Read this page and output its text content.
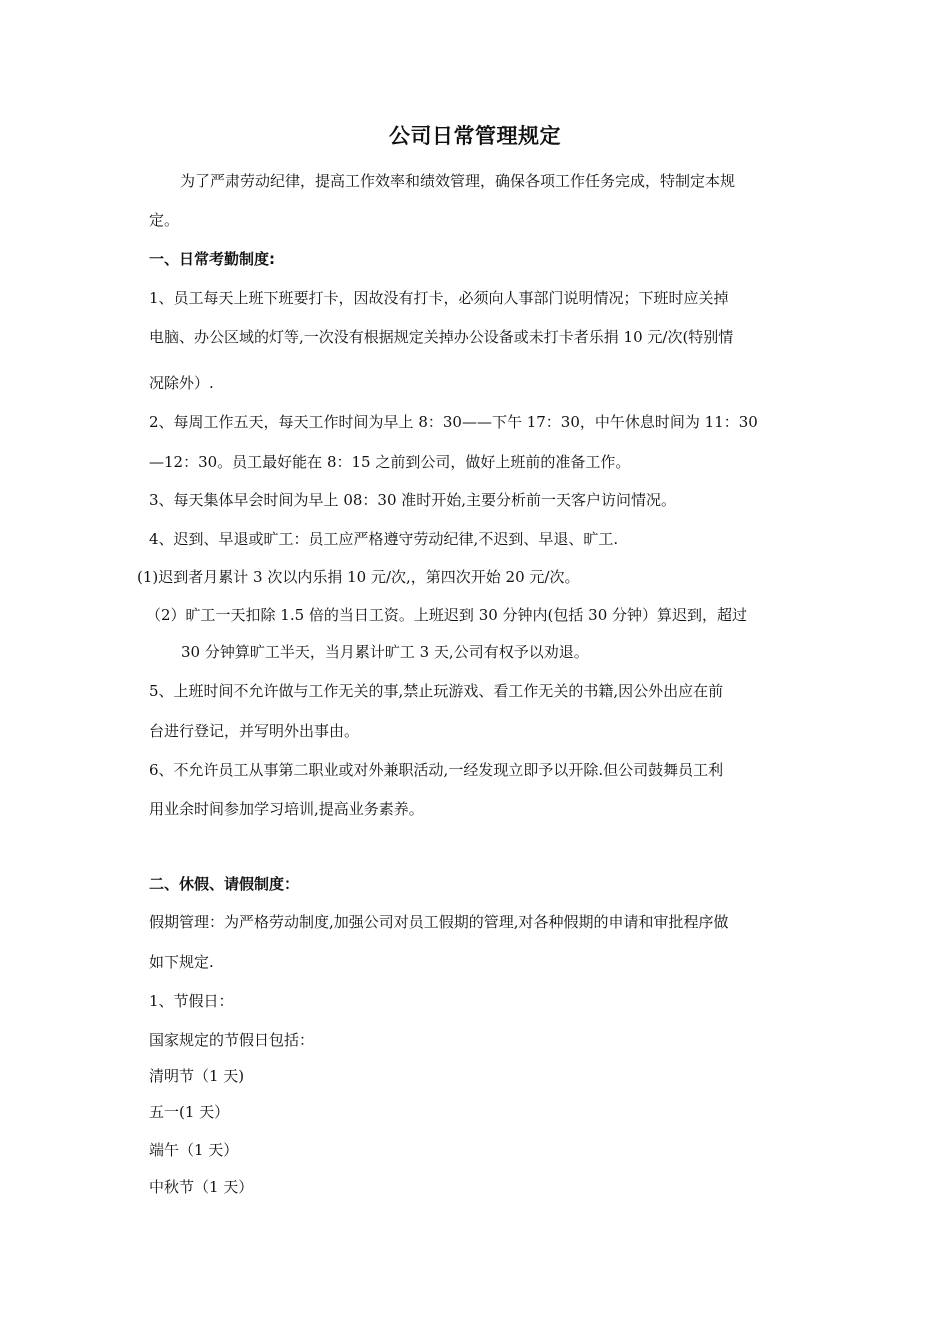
公司日常管理规定
为了严肃劳动纪律，提高工作效率和绩效管理，确保各项工作任务完成，特制定本规
定。
一、日常考勤制度:
1、员工每天上班下班要打卡，因故没有打卡，必须向人事部门说明情况；下班时应关掉
电脑、办公区域的灯等,一次没有根据规定关掉办公设备或未打卡者乐捐 10 元/次(特别情
况除外）.
2、每周工作五天，每天工作时间为早上 8：30——下午 17：30，中午休息时间为 11：30
—12：30。员工最好能在 8：15 之前到公司，做好上班前的准备工作。
3、每天集体早会时间为早上 08：30 准时开始,主要分析前一天客户访问情况。
4、迟到、早退或旷工：员工应严格遵守劳动纪律,不迟到、早退、旷工.
(1)迟到者月累计 3 次以内乐捐 10 元/次,，第四次开始 20 元/次。
（2）旷工一天扣除 1.5 倍的当日工资。上班迟到 30 分钟内(包括 30 分钟）算迟到，超过
30 分钟算旷工半天，当月累计旷工 3 天,公司有权予以劝退。
5、上班时间不允许做与工作无关的事,禁止玩游戏、看工作无关的书籍,因公外出应在前
台进行登记，并写明外出事由。
6、不允许员工从事第二职业或对外兼职活动,一经发现立即予以开除.但公司鼓舞员工利
用业余时间参加学习培训,提高业务素养。
二、休假、请假制度：
假期管理：为严格劳动制度,加强公司对员工假期的管理,对各种假期的申请和审批程序做
如下规定.
1、节假日：
国家规定的节假日包括：
清明节（1 天)
五一(1 天）
端午（1 天）
中秋节（1 天）
